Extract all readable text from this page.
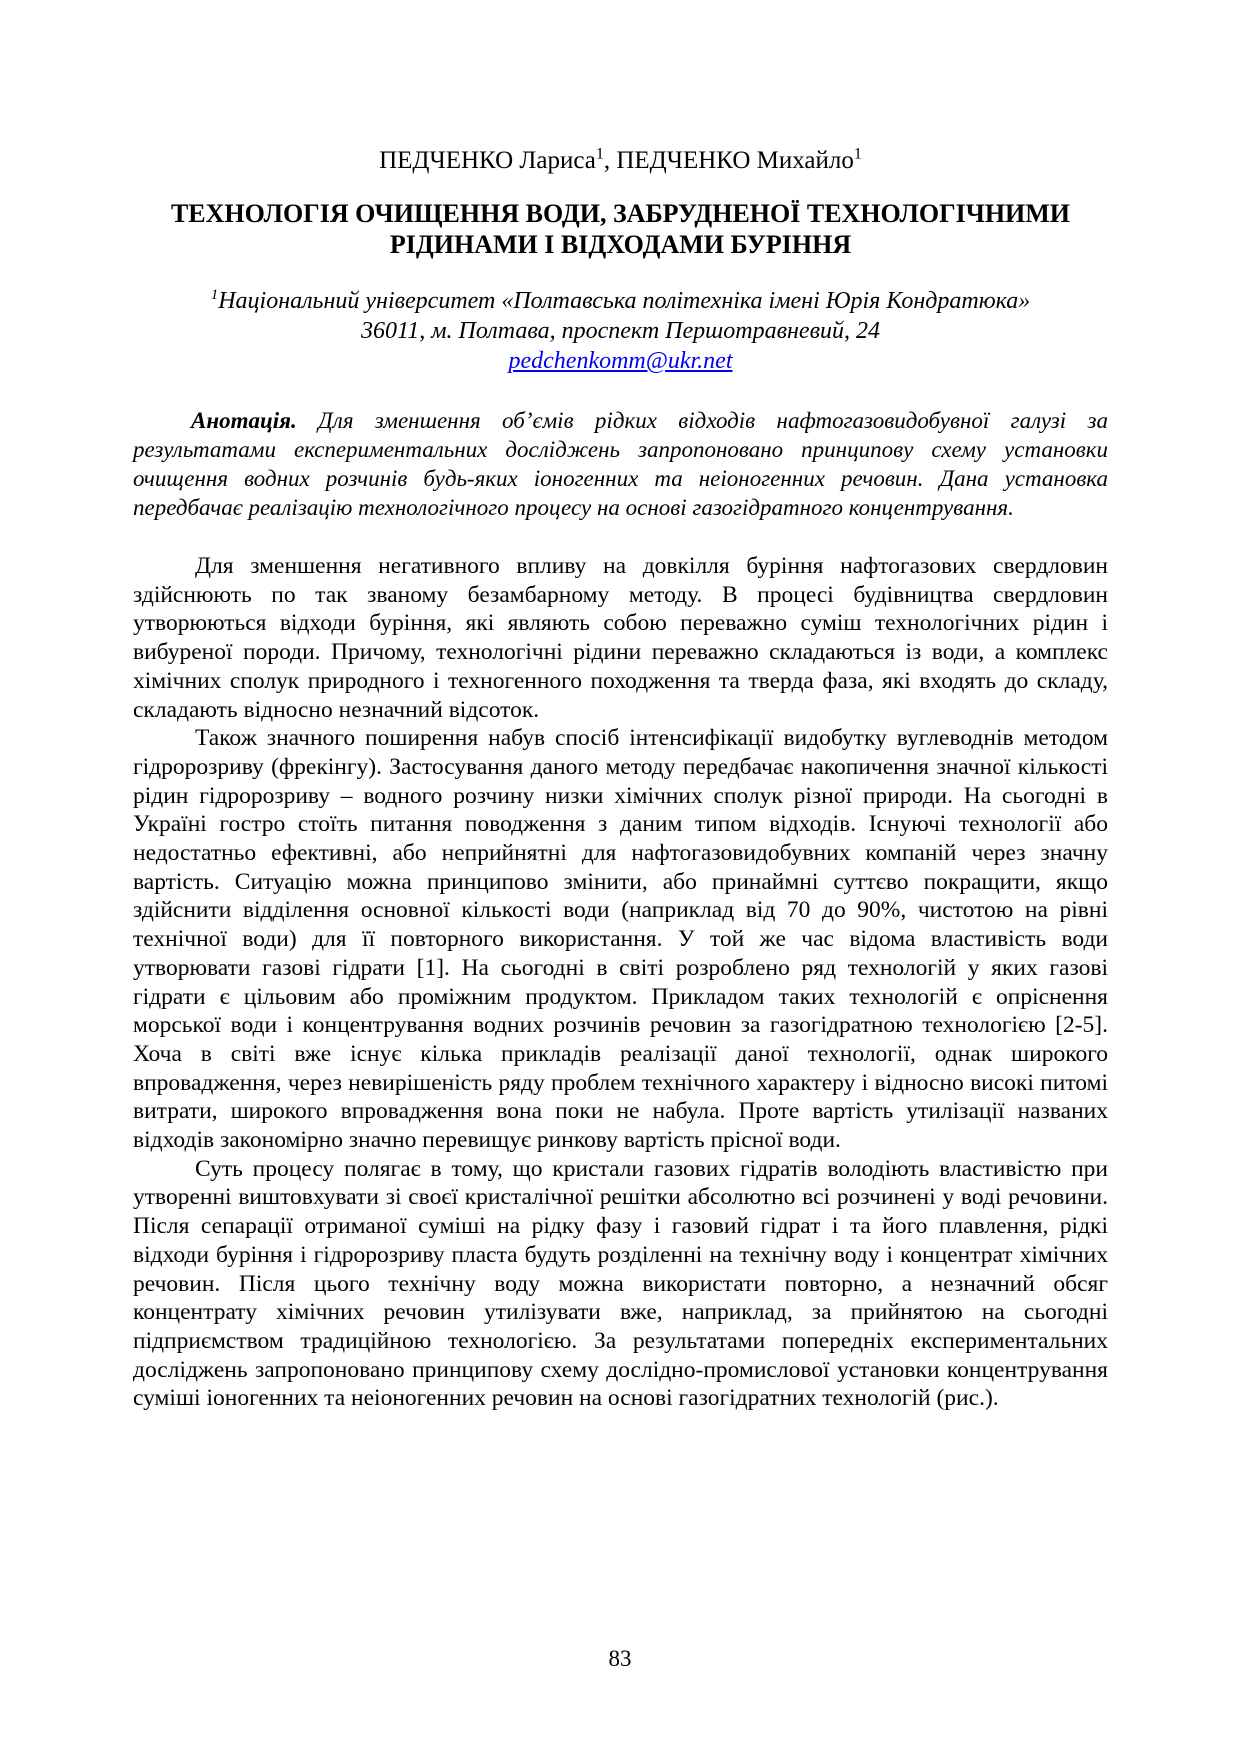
ПЕДЧЕНКО Лариса$^1$, ПЕДЧЕНКО Михайло$^1$
ТЕХНОЛОГІЯ ОЧИЩЕННЯ ВОДИ, ЗАБРУДНЕНОЇ ТЕХНОЛОГІЧНИМИ РІДИНАМИ І ВІДХОДАМИ БУРІННЯ
$^1$Національний університет «Полтавська політехніка імені Юрія Кондратюка»
36011, м. Полтава, проспект Першотравневий, 24
pedchenkomm@ukr.net
Анотація. Для зменшення об’ємів рідких відходів нафтогазовидобувної галузі за результатами експериментальних досліджень запропоновано принципову схему установки очищення водних розчинів будь-яких іоногенних та неіоногенних речовин. Дана установка передбачає реалізацію технологічного процесу на основі газогідратного концентрування.

Для зменшення негативного впливу на довкілля буріння нафтогазових свердловин здійснюють по так званому безамбарному методу. В процесі будівництва свердловин утворюються відходи буріння, які являють собою переважно суміш технологічних рідин і вибуреної породи. Причому, технологічні рідини переважно складаються із води, а комплекс хімічних сполук природного і техногенного походження та тверда фаза, які входять до складу, складають відносно незначний відсоток.

Також значного поширення набув спосіб інтенсифікації видобутку вуглеводнів методом гідророзриву (фрекінгу). Застосування даного методу передбачає накопичення значної кількості рідин гідророзриву – водного розчину низки хімічних сполук різної природи. На сьогодні в Україні гостро стоїть питання поводження з даним типом відходів. Існуючі технології або недостатньо ефективні, або неприйнятні для нафтогазовидобувних компаній через значну вартість. Ситуацію можна принципово змінити, або принаймні суттєво покращити, якщо здійснити відділення основної кількості води (наприклад від 70 до 90%, чистотою на рівні технічної води) для її повторного використання. У той же час відома властивість води утворювати газові гідрати [1]. На сьогодні в світі розроблено ряд технологій у яких газові гідрати є цільовим або проміжним продуктом. Прикладом таких технологій є опріснення морської води і концентрування водних розчинів речовин за газогідратною технологією [2-5]. Хоча в світі вже існує кілька прикладів реалізації даної технології, однак широкого впровадження, через невирішеність ряду проблем технічного характеру і відносно високі питомі витрати, широкого впровадження вона поки не набула. Проте вартість утилізації названих відходів закономірно значно перевищує ринкову вартість прісної води.

Суть процесу полягає в тому, що кристали газових гідратів володіють властивістю при утворенні виштовхувати зі своєї кристалічної решітки абсолютно всі розчинені у воді речовини. Після сепарації отриманої суміші на рідку фазу і газовий гідрат і та його плавлення, рідкі відходи буріння і гідророзриву пласта будуть розділенні на технічну воду і концентрат хімічних речовин. Після цього технічну воду можна використати повторно, а незначний обсяг концентрату хімічних речовин утилізувати вже, наприклад, за прийнятою на сьогодні підприємством традиційною технологією. За результатами попередніх експериментальних досліджень запропоновано принципову схему дослідно-промислової установки концентрування суміші іоногенних та неіоногенних речовин на основі газогідратних технологій (рис.).

83
